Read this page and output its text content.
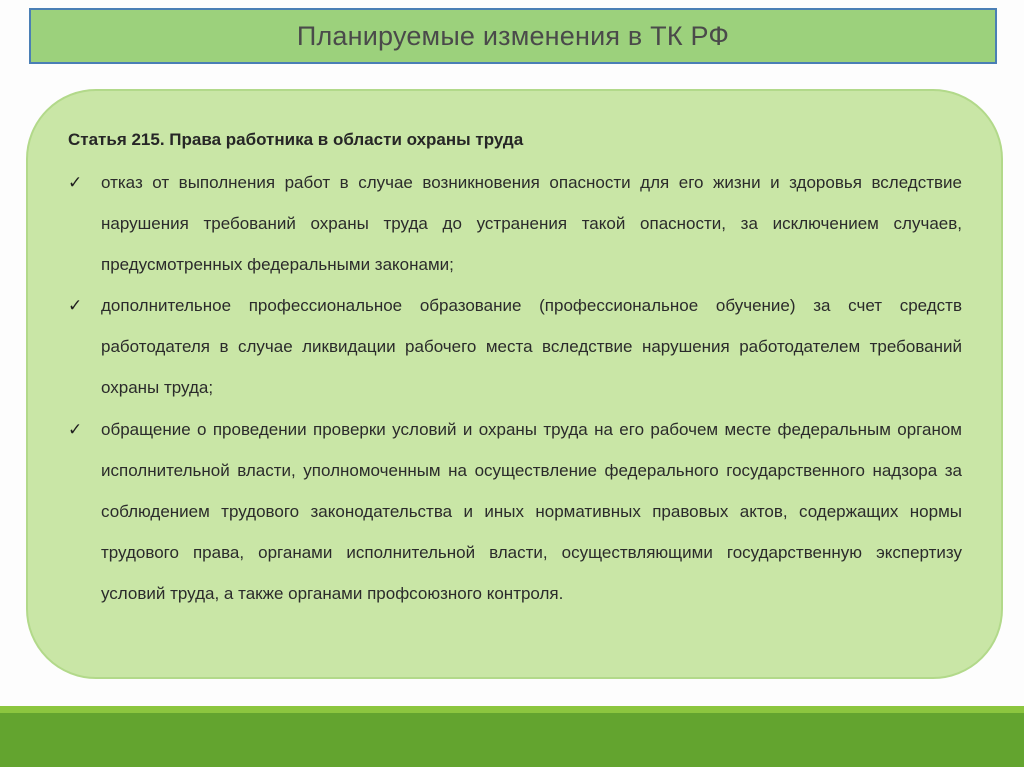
Планируемые изменения в ТК РФ
Статья 215. Права работника в области охраны труда
✓	отказ от выполнения работ в случае возникновения опасности для его жизни и здоровья вследствие нарушения требований охраны труда до устранения такой опасности, за исключением случаев, предусмотренных федеральными законами;
✓	дополнительное профессиональное образование (профессиональное обучение) за счет средств работодателя в случае ликвидации рабочего места вследствие нарушения работодателем требований охраны труда;
✓	обращение о проведении проверки условий и охраны труда на его рабочем месте федеральным органом исполнительной власти, уполномоченным на осуществление федерального государственного надзора за соблюдением трудового законодательства и иных нормативных правовых актов, содержащих нормы трудового права, органами исполнительной власти, осуществляющими государственную экспертизу условий труда, а также органами профсоюзного контроля.
